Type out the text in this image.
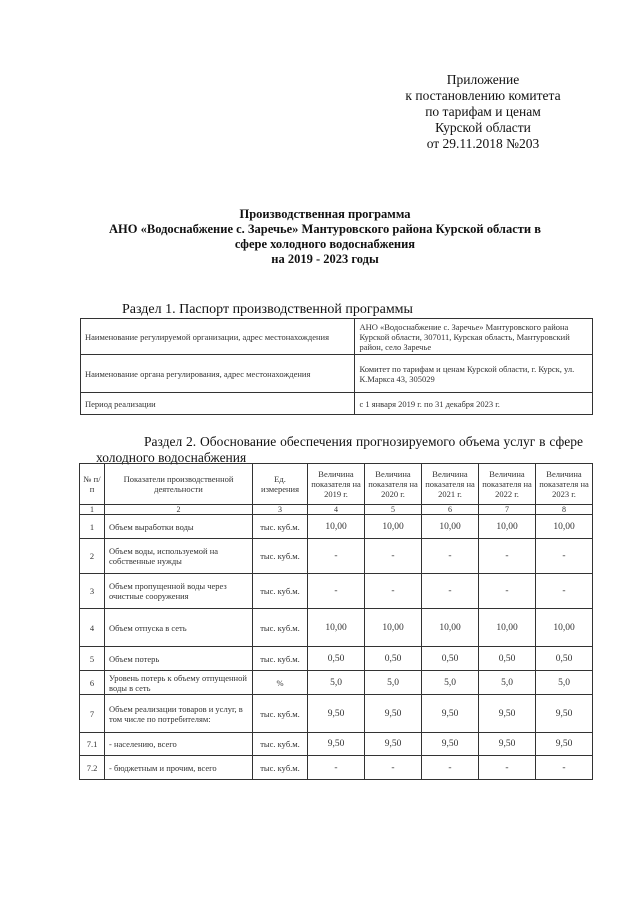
Приложение
к постановлению комитета
по тарифам и ценам
Курской области
от 29.11.2018 №203
Производственная программа
АНО «Водоснабжение с. Заречье» Мантуровского района Курской области в
сфере холодного водоснабжения
на 2019 - 2023 годы
Раздел 1. Паспорт производственной программы
Наименование регулируемой организации, адрес местонахождения	АНО «Водоснабжение с. Заречье» Мантуровского района Курской области, 307011, Курская область, Мантуровский район, село Заречье
Наименование органа регулирования, адрес местонахождения	Комитет по тарифам и ценам Курской области, г. Курск, ул. К.Маркса 43, 305029
Период реализации	с 1 января 2019 г. по 31 декабря 2023 г.
Раздел 2. Обоснование обеспечения прогнозируемого объема услуг в сфере холодного водоснабжения
№ п/п	Показатели производственной деятельности	Ед. измерения	Величина показателя на 2019 г.	Величина показателя на 2020 г.	Величина показателя на 2021 г.	Величина показателя на 2022 г.	Величина показателя на 2023 г.
1	2	3	4	5	6	7	8
1	Объем выработки воды	тыс. куб.м.	10,00	10,00	10,00	10,00	10,00
2	Объем воды, используемой на собственные нужды	тыс. куб.м.	-	-	-	-	-
3	Объем пропущенной воды через очистные сооружения	тыс. куб.м.	-	-	-	-	-
4	Объем отпуска в сеть	тыс. куб.м.	10,00	10,00	10,00	10,00	10,00
5	Объем потерь	тыс. куб.м.	0,50	0,50	0,50	0,50	0,50
6	Уровень потерь к объему отпущенной воды в сеть	%	5,0	5,0	5,0	5,0	5,0
7	Объем реализации товаров и услуг, в том числе по потребителям:	тыс. куб.м.	9,50	9,50	9,50	9,50	9,50
7.1	- населению, всего	тыс. куб.м.	9,50	9,50	9,50	9,50	9,50
7.2	- бюджетным и прочим, всего	тыс. куб.м.	-	-	-	-	-
